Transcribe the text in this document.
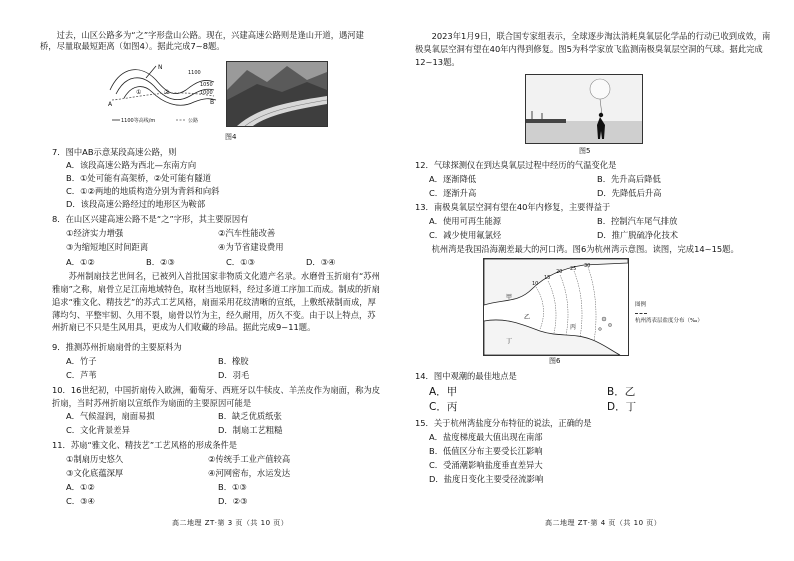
过去，山区公路多为“之”字形盘山公路。现在，兴建高速公路则是逢山开道，遇河建桥，尽量取最短距离（如图4）。据此完成7~8题。
N
1100
1050
1000
①	②
A	B
1100等高线/m	公路
图4
7．图中AB示意某段高速公路，则
A．该段高速公路为西北—东南方向
B．①处可能有高架桥，②处可能有隧道
C．①②两地的地质构造分别为背斜和向斜
D．该段高速公路经过的地形区为鞍部
8．在山区兴建高速公路不是“之”字形，其主要原因有
①经济实力增强	②汽车性能改善
③为缩短地区时间距离	④为节省建设费用
A．①②	B．②③	C．①③	D．③④
苏州制扇技艺世间名，已被列入首批国家非物质文化遗产名录。水磨骨玉折扇有“苏州雅扇”之称，扇骨立足江南地域特色，取材当地原料，经过多道工序加工而成。制成的折扇追求“雅文化、精技艺”的苏式工艺风格，扇面采用花纹清晰的宣纸，上敷纸裱制而成，厚薄均匀、平整牢韧、久用不裂，扇骨以竹为主，经久耐用，历久不变。由于以上特点，苏州折扇已不只是生风用具，更成为人们收藏的珍品。据此完成9~11题。
9．推测苏州折扇扇骨的主要原料为
A．竹子	B．橡胶
C．芦苇	D．羽毛
10．16世纪初，中国折扇传入欧洲，葡萄牙、西班牙以牛犊皮、羊羔皮作为扇面，称为皮折扇，当时苏州折扇以宣纸作为扇面的主要原因可能是
A．气候湿润，扇面易损	B．缺乏优质纸张
C．文化背景差异	D．制扇工艺粗糙
11．苏扇“雅文化、精技艺”工艺风格的形成条件是
①制扇历史悠久	②传统手工业产值较高
③文化底蕴深厚	④河网密布，水运发达
A．①②	B．①③
C．③④	D．②③
高二地理 ZT·第 3 页（共 10 页）
2023年1月9日，联合国专家组表示，全球逐步淘汰消耗臭氧层化学品的行动已收到成效，南极臭氧层空洞有望在40年内得到修复。图5为科学家放飞监测南极臭氧层空洞的气球。据此完成12~13题。
图5
12．气球探测仪在到达臭氧层过程中经历的气温变化是
A．逐渐降低	B．先升高后降低
C．逐渐升高	D．先降低后升高
13．南极臭氧层空洞有望在40年内修复，主要得益于
A．使用可再生能源	B．控制汽车尾气排放
C．减少使用氟氯烃	D．推广脱硫净化技术
杭州湾是我国沿海潮差最大的河口湾。图6为杭州湾示意图。读图，完成14~15题。
10
15
20 25 30
甲
乙
丙
丁
图例
杭州湾表层盐度分布（‰）
图6
14．图中观潮的最佳地点是
A．甲	B．乙
C．丙	D．丁
15．关于杭州湾盐度分布特征的说法，正确的是
A．盐度梯度最大值出现在南部
B．低值区分布主要受长江影响
C．受涌潮影响盐度垂直差异大
D．盐度日变化主要受径流影响
高二地理 ZT·第 4 页（共 10 页）
